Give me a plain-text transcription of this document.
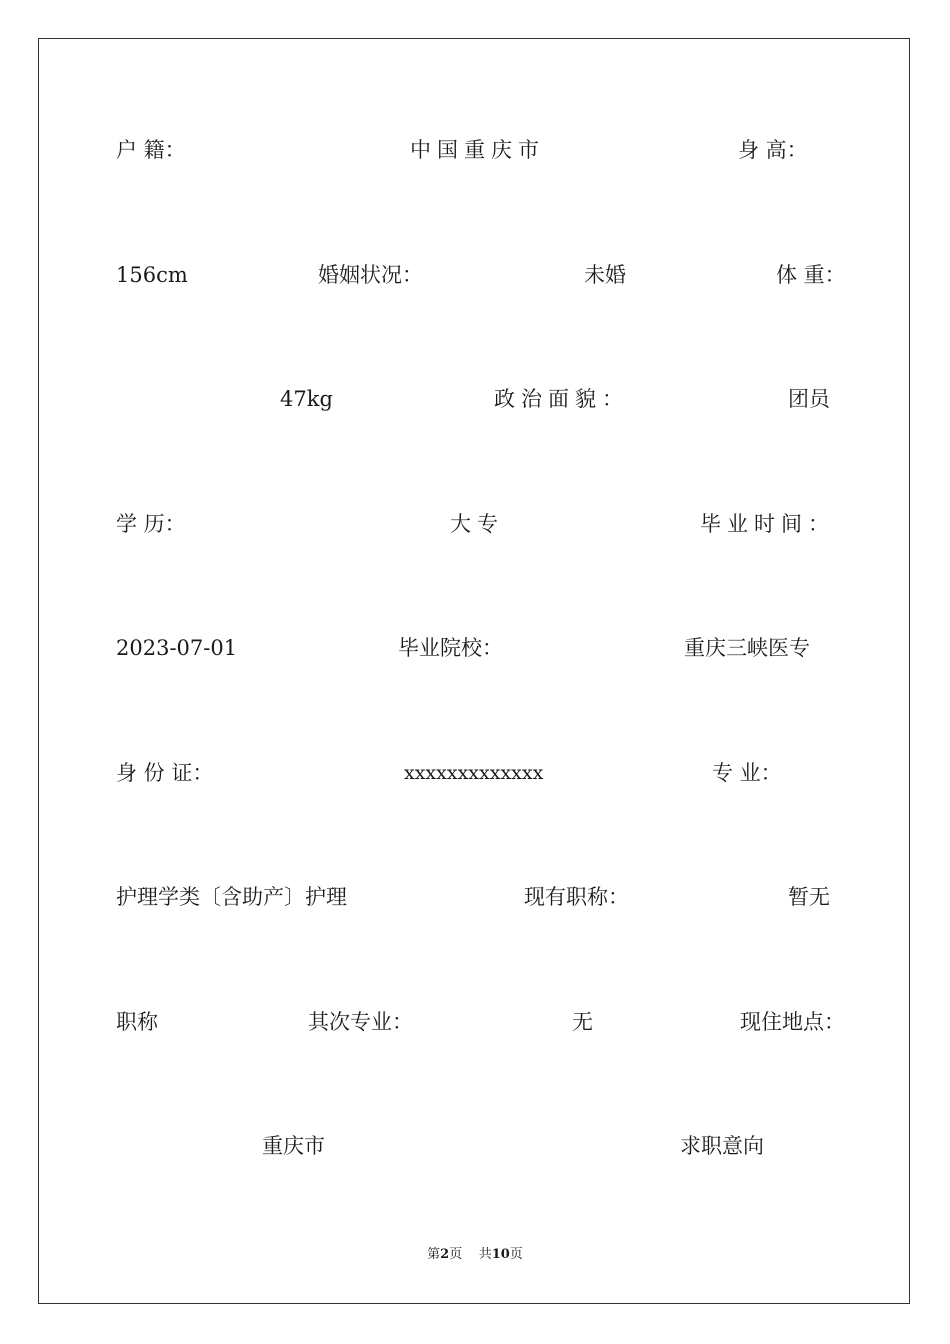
户 籍：	中国重庆市	身 高：
156cm	婚姻状况：	未婚	体 重：
47kg	政治面貌：	团员
学 历：	大专	毕业时间：
2023-07-01	毕业院校：	重庆三峡医专
身 份 证：	xxxxxxxxxxxxx	专 业：
护理学类〔含助产〕护理	现有职称：	暂无
职称	其次专业：	无	现住地点：
重庆市	求职意向
第2页 共10页
